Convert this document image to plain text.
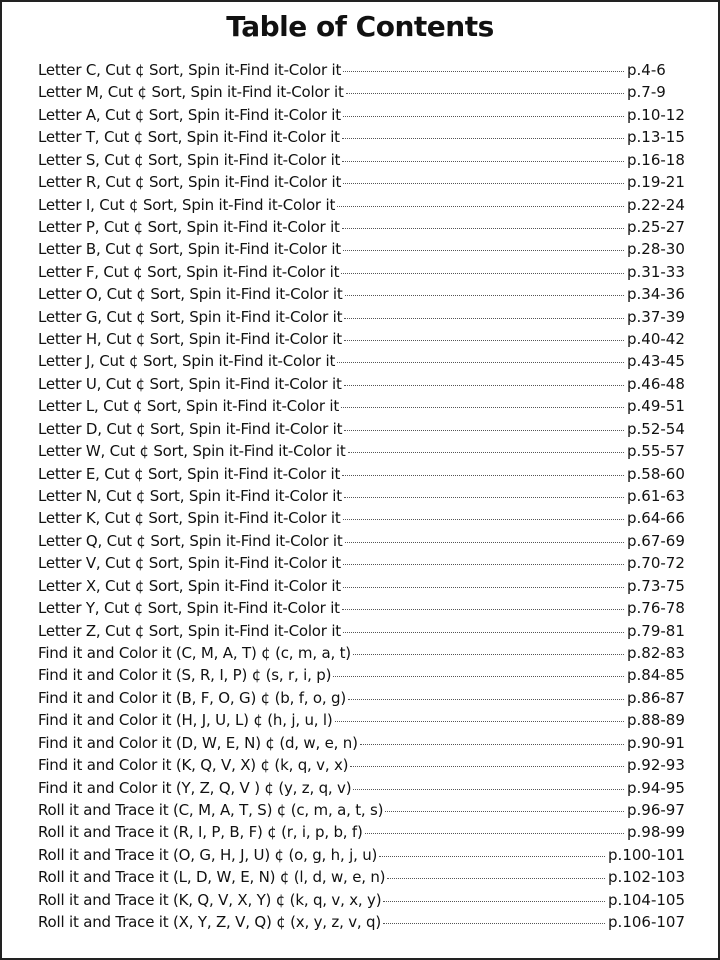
Table of Contents
Letter C, Cut ¢ Sort, Spin it-Find it-Color it	p.4-6
Letter M, Cut ¢ Sort, Spin it-Find it-Color it	p.7-9
Letter A, Cut ¢ Sort, Spin it-Find it-Color it	p.10-12
Letter T, Cut ¢ Sort, Spin it-Find it-Color it	p.13-15
Letter S, Cut ¢ Sort, Spin it-Find it-Color it	p.16-18
Letter R, Cut ¢ Sort, Spin it-Find it-Color it	p.19-21
Letter I, Cut ¢ Sort, Spin it-Find it-Color it	p.22-24
Letter P, Cut ¢ Sort, Spin it-Find it-Color it	p.25-27
Letter B, Cut ¢ Sort, Spin it-Find it-Color it	p.28-30
Letter F, Cut ¢ Sort, Spin it-Find it-Color it	p.31-33
Letter O, Cut ¢ Sort, Spin it-Find it-Color it	p.34-36
Letter G, Cut ¢ Sort, Spin it-Find it-Color it	p.37-39
Letter H, Cut ¢ Sort, Spin it-Find it-Color it	p.40-42
Letter J, Cut ¢ Sort, Spin it-Find it-Color it	p.43-45
Letter U, Cut ¢ Sort, Spin it-Find it-Color it	p.46-48
Letter L, Cut ¢ Sort, Spin it-Find it-Color it	p.49-51
Letter D, Cut ¢ Sort, Spin it-Find it-Color it	p.52-54
Letter W, Cut ¢ Sort, Spin it-Find it-Color it	p.55-57
Letter E, Cut ¢ Sort, Spin it-Find it-Color it	p.58-60
Letter N, Cut ¢ Sort, Spin it-Find it-Color it	p.61-63
Letter K, Cut ¢ Sort, Spin it-Find it-Color it	p.64-66
Letter Q, Cut ¢ Sort, Spin it-Find it-Color it	p.67-69
Letter V, Cut ¢ Sort, Spin it-Find it-Color it	p.70-72
Letter X, Cut ¢ Sort, Spin it-Find it-Color it	p.73-75
Letter Y, Cut ¢ Sort, Spin it-Find it-Color it	p.76-78
Letter Z, Cut ¢ Sort, Spin it-Find it-Color it	p.79-81
Find it and Color it (C, M, A, T) ¢ (c, m, a, t)	p.82-83
Find it and Color it (S, R, I, P) ¢ (s, r, i, p)	p.84-85
Find it and Color it (B, F, O, G) ¢ (b, f, o, g)	p.86-87
Find it and Color it (H, J, U, L) ¢ (h, j, u, l)	p.88-89
Find it and Color it (D, W, E, N) ¢ (d, w, e, n)	p.90-91
Find it and Color it (K, Q, V, X) ¢ (k, q, v, x)	p.92-93
Find it and Color it (Y, Z, Q, V ) ¢ (y, z, q, v)	p.94-95
Roll it and Trace it (C, M, A, T, S) ¢ (c, m, a, t, s)	p.96-97
Roll it and Trace it (R, I, P, B, F) ¢ (r, i, p, b, f)	p.98-99
Roll it and Trace it (O, G, H, J, U) ¢ (o, g, h, j, u)	p.100-101
Roll it and Trace it (L, D, W, E, N) ¢ (l, d, w, e, n)	p.102-103
Roll it and Trace it (K, Q, V, X, Y) ¢ (k, q, v, x, y)	p.104-105
Roll it and Trace it (X, Y, Z, V, Q) ¢ (x, y, z, v, q)	p.106-107
